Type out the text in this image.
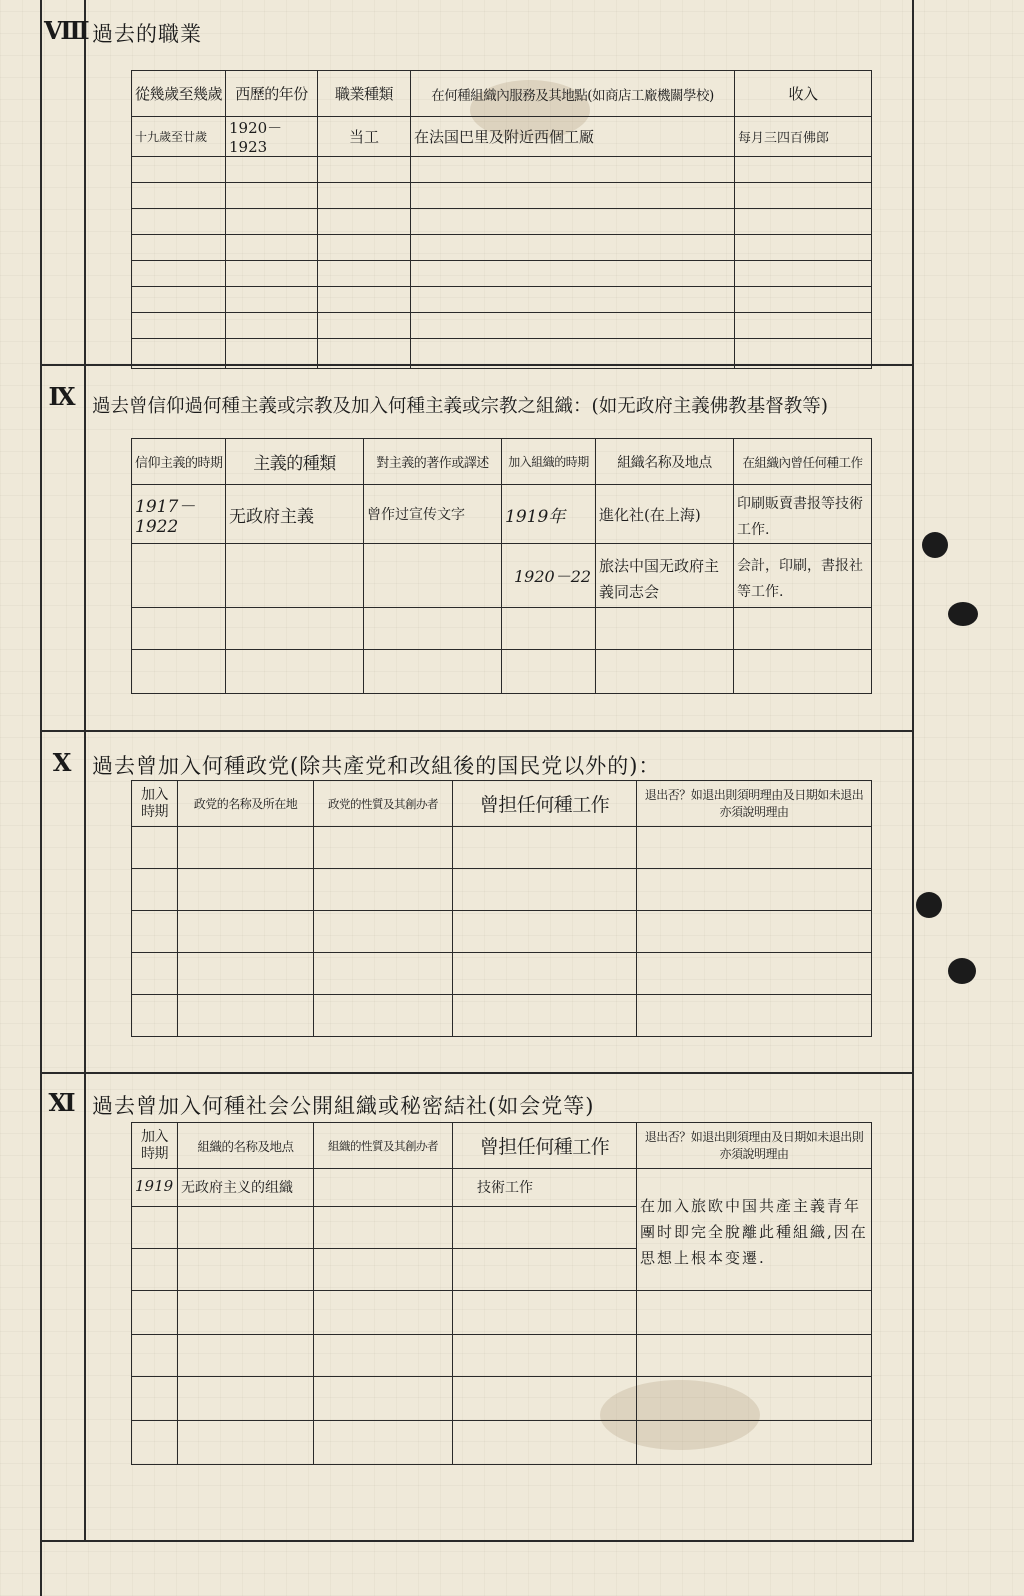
Ⅷ 過去的職業
從幾歲至幾歲	西歷的年份	職業種類	在何種組織內服務及其地點(如商店工廠機關學校)	收入
十九歲至廿歲	1920－1923	当工	在法国巴里及附近西個工厰	每月三四百佛郎

Ⅸ 過去曾信仰過何種主義或宗教及加入何種主義或宗教之組織：(如无政府主義佛教基督教等)
信仰主義的時期	主義的種類	對主義的著作或譯述	加入組織的時期	組織名称及地点	在組織內曾任何種工作
1917－1922	无政府主義	曾作过宣传文字	1919年	進化社(在上海)	印刷販賣書报等技術工作.
			1920－22	旅法中国无政府主義同志会	会計，印刷，書报社等工作.

Ⅹ 過去曾加入何種政党(除共產党和改組後的国民党以外的)：
加入時期	政党的名称及所在地	政党的性質及其創办者	曾担任何種工作	退出否？如退出則須明理由及日期如未退出亦須說明理由

Ⅺ 過去曾加入何種社会公開組織或秘密結社(如会党等)
加入時期	組織的名称及地点	組織的性質及其創办者	曾担任何種工作	退出否？如退出則須理由及日期如未退出則亦須說明理由
1919	无政府主义的组織		技術工作	在加入旅欧中国共產主義青年團时即完全脫離此種組織,因在思想上根本变遷.
